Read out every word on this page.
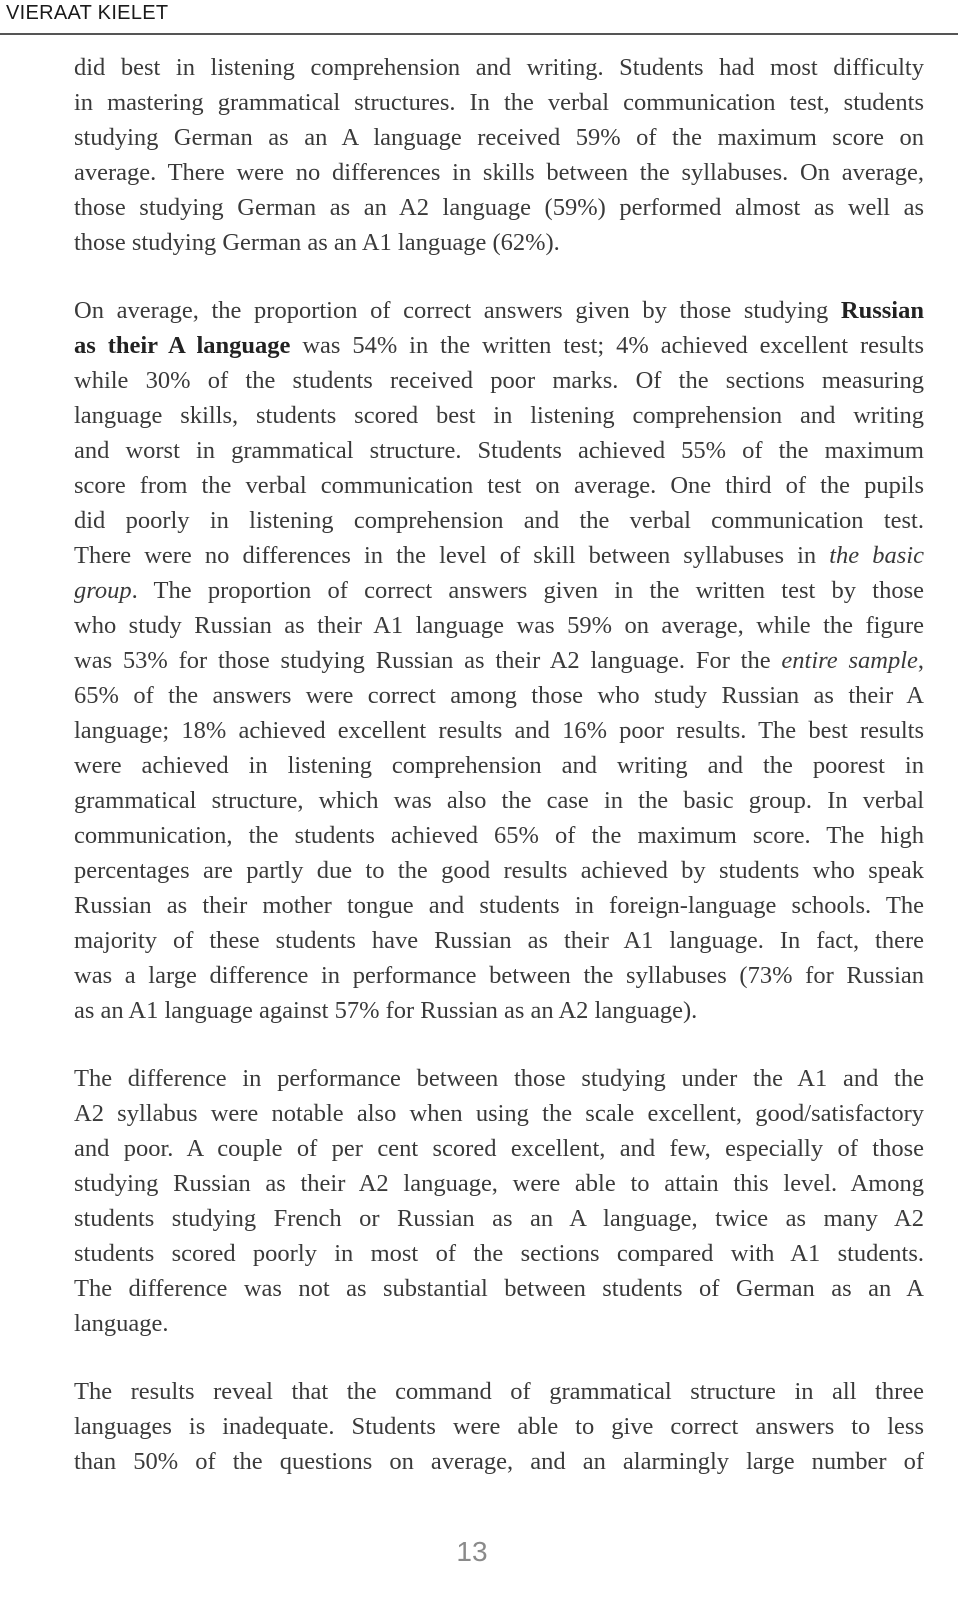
VIERAAT KIELET

did best in listening comprehension and writing. Students had most difficulty
in mastering grammatical structures. In the verbal communication test, students
studying German as an A language received 59% of the maximum score on
average. There were no differences in skills between the syllabuses. On average,
those studying German as an A2 language (59%) performed almost as well as
those studying German as an A1 language (62%).

On average, the proportion of correct answers given by those studying Russian
as their A language was 54% in the written test; 4% achieved excellent results
while 30% of the students received poor marks. Of the sections measuring
language skills, students scored best in listening comprehension and writing
and worst in grammatical structure. Students achieved 55% of the maximum
score from the verbal communication test on average. One third of the pupils
did poorly in listening comprehension and the verbal communication test.
There were no differences in the level of skill between syllabuses in the basic
group. The proportion of correct answers given in the written test by those
who study Russian as their A1 language was 59% on average, while the figure
was 53% for those studying Russian as their A2 language. For the entire sample,
65% of the answers were correct among those who study Russian as their A
language; 18% achieved excellent results and 16% poor results. The best results
were achieved in listening comprehension and writing and the poorest in
grammatical structure, which was also the case in the basic group. In verbal
communication, the students achieved 65% of the maximum score. The high
percentages are partly due to the good results achieved by students who speak
Russian as their mother tongue and students in foreign-language schools. The
majority of these students have Russian as their A1 language. In fact, there
was a large difference in performance between the syllabuses (73% for Russian
as an A1 language against 57% for Russian as an A2 language).

The difference in performance between those studying under the A1 and the
A2 syllabus were notable also when using the scale excellent, good/satisfactory
and poor. A couple of per cent scored excellent, and few, especially of those
studying Russian as their A2 language, were able to attain this level. Among
students studying French or Russian as an A language, twice as many A2
students scored poorly in most of the sections compared with A1 students.
The difference was not as substantial between students of German as an A
language.

The results reveal that the command of grammatical structure in all three
languages is inadequate. Students were able to give correct answers to less
than 50% of the questions on average, and an alarmingly large number of

13
